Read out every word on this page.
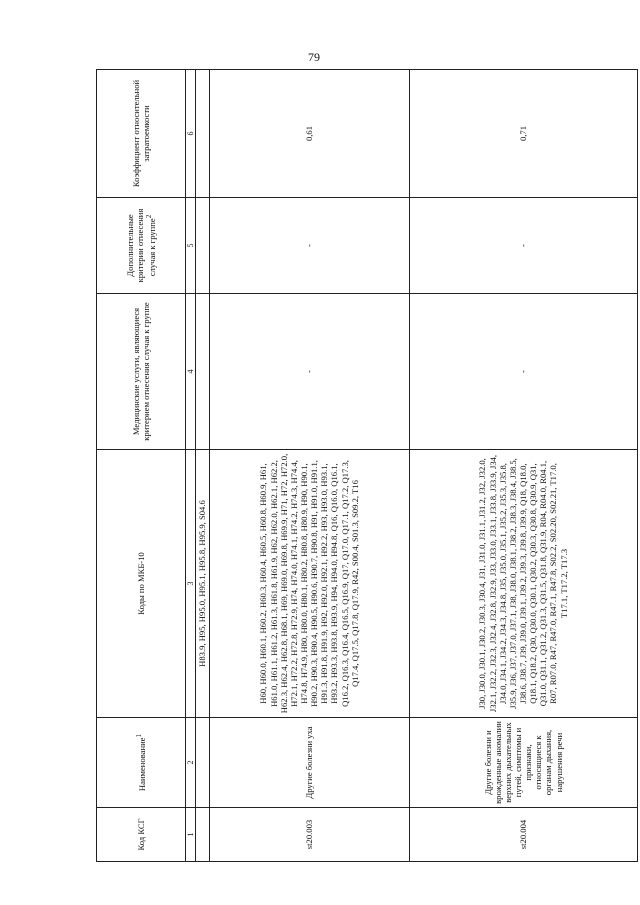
79
Код КСГ	Наименование$^1$	Коды по МКБ-10	Медицинские услуги, являющиеся критерием отнесения случая к группе	Дополнительные критерии отнесения случая к группе$^2$	Коэффициент относительной затратоемкости
1	2	3	4	5	6
		H83.9, H95, H95.0, H95.1, H95.8, H95.9, S04.6			
st20.003	Другие болезни уха	H60, H60.0, H60.1, H60.2, H60.3, H60.4, H60.5, H60.8, H60.9, H61, H61.0, H61.1, H61.2, H61.3, H61.8, H61.9, H62, H62.0, H62.1, H62.2, H62.3, H62.4, H62.8, H68.1, H69, H69.0, H69.8, H69.9, H71, H72, H72.0, H72.1, H72.2, H72.8, H72.9, H74, H74.0, H74.1, H74.2, H74.3, H74.4, H74.8, H74.9, H80, H80.0, H80.1, H80.2, H80.8, H80.9, H90, H90.1, H90.2, H90.3, H90.4, H90.5, H90.6, H90.7, H90.8, H91, H91.0, H91.1, H91.3, H91.8, H91.9, H92, H92.0, H92.1, H92.2, H93, H93.0, H93.1, H93.2, H93.3, H93.8, H93.9, H94, H94.0, H94.8, Q16, Q16.0, Q16.1, Q16.2, Q16.3, Q16.4, Q16.5, Q16.9, Q17, Q17.0, Q17.1, Q17.2, Q17.3, Q17.4, Q17.5, Q17.8, Q17.9, R42, S00.4, S01.3, S09.2, T16	-	-	0,61
st20.004	Другие болезни и врожденные аномалии верхних дыхательных путей, симптомы и признаки, относящиеся к органам дыхания, нарушения речи	J30, J30.0, J30.1, J30.2, J30.3, J30.4, J31, J31.0, J31.1, J31.2, J32, J32.0, J32.1, J32.2, J32.3, J32.4, J32.8, J32.9, J33, J33.0, J33.1, J33.8, J33.9, J34, J34.0, J34.1, J34.2, J34.3, J34.8, J35, J35.0, J35.1, J35.2, J35.3, J35.8, J35.9, J36, J37, J37.0, J37.1, J38, J38.0, J38.1, J38.2, J38.3, J38.4, J38.5, J38.6, J38.7, J39, J39.0, J39.1, J39.2, J39.3, J39.8, J39.9, Q18, Q18.0, Q18.1, Q18.2, Q30, Q30.0, Q30.1, Q30.2, Q30.3, Q30.8, Q30.9, Q31, Q31.0, Q31.1, Q31.2, Q31.3, Q31.5, Q31.8, Q31.9, R04, R04.0, R04.1, R07, R07.0, R47, R47.0, R47.1, R47.8, S02.2, S02.20, S02.21, T17.0, T17.1, T17.2, T17.3	-	-	0,71
